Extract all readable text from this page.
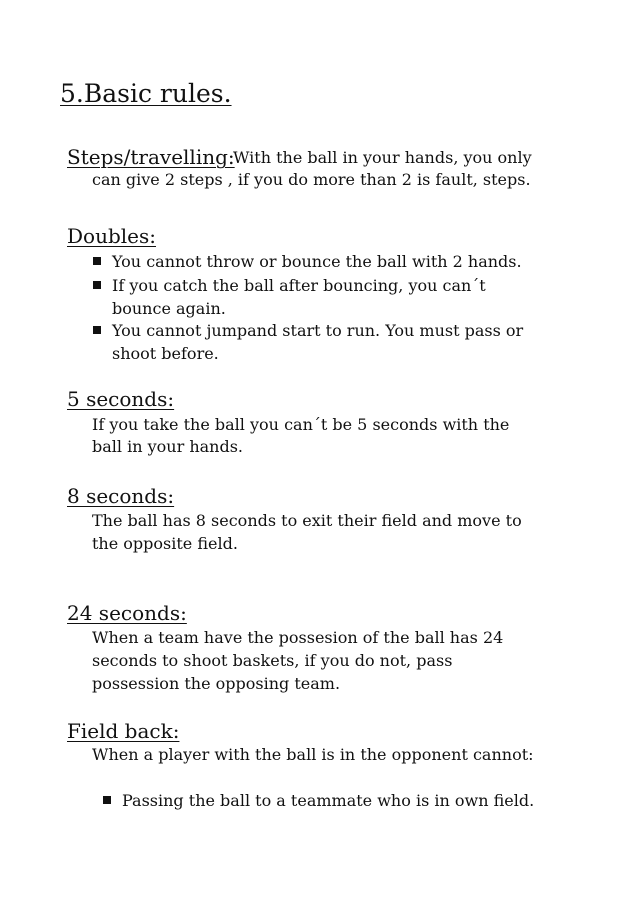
5.Basic rules.
Steps/travelling:
With the ball in your hands, you only
can give 2 steps , if you do more than 2 is fault, steps.
Doubles:
You cannot throw or bounce the ball with 2 hands.
If you catch the ball after bouncing, you can´t
bounce again.
You cannot jumpand start to run. You must pass or
shoot before.
5 seconds:
If you take the ball you can´t be 5 seconds with the
ball in your hands.
8 seconds:
The ball has 8 seconds to exit their field and move to
the opposite field.
24 seconds:
When a team have the possesion of the ball has 24
seconds to shoot baskets, if you do not, pass
possession the opposing team.
Field back:
When a player with the ball is in the opponent cannot:
Passing the ball to a teammate who is in own field.
